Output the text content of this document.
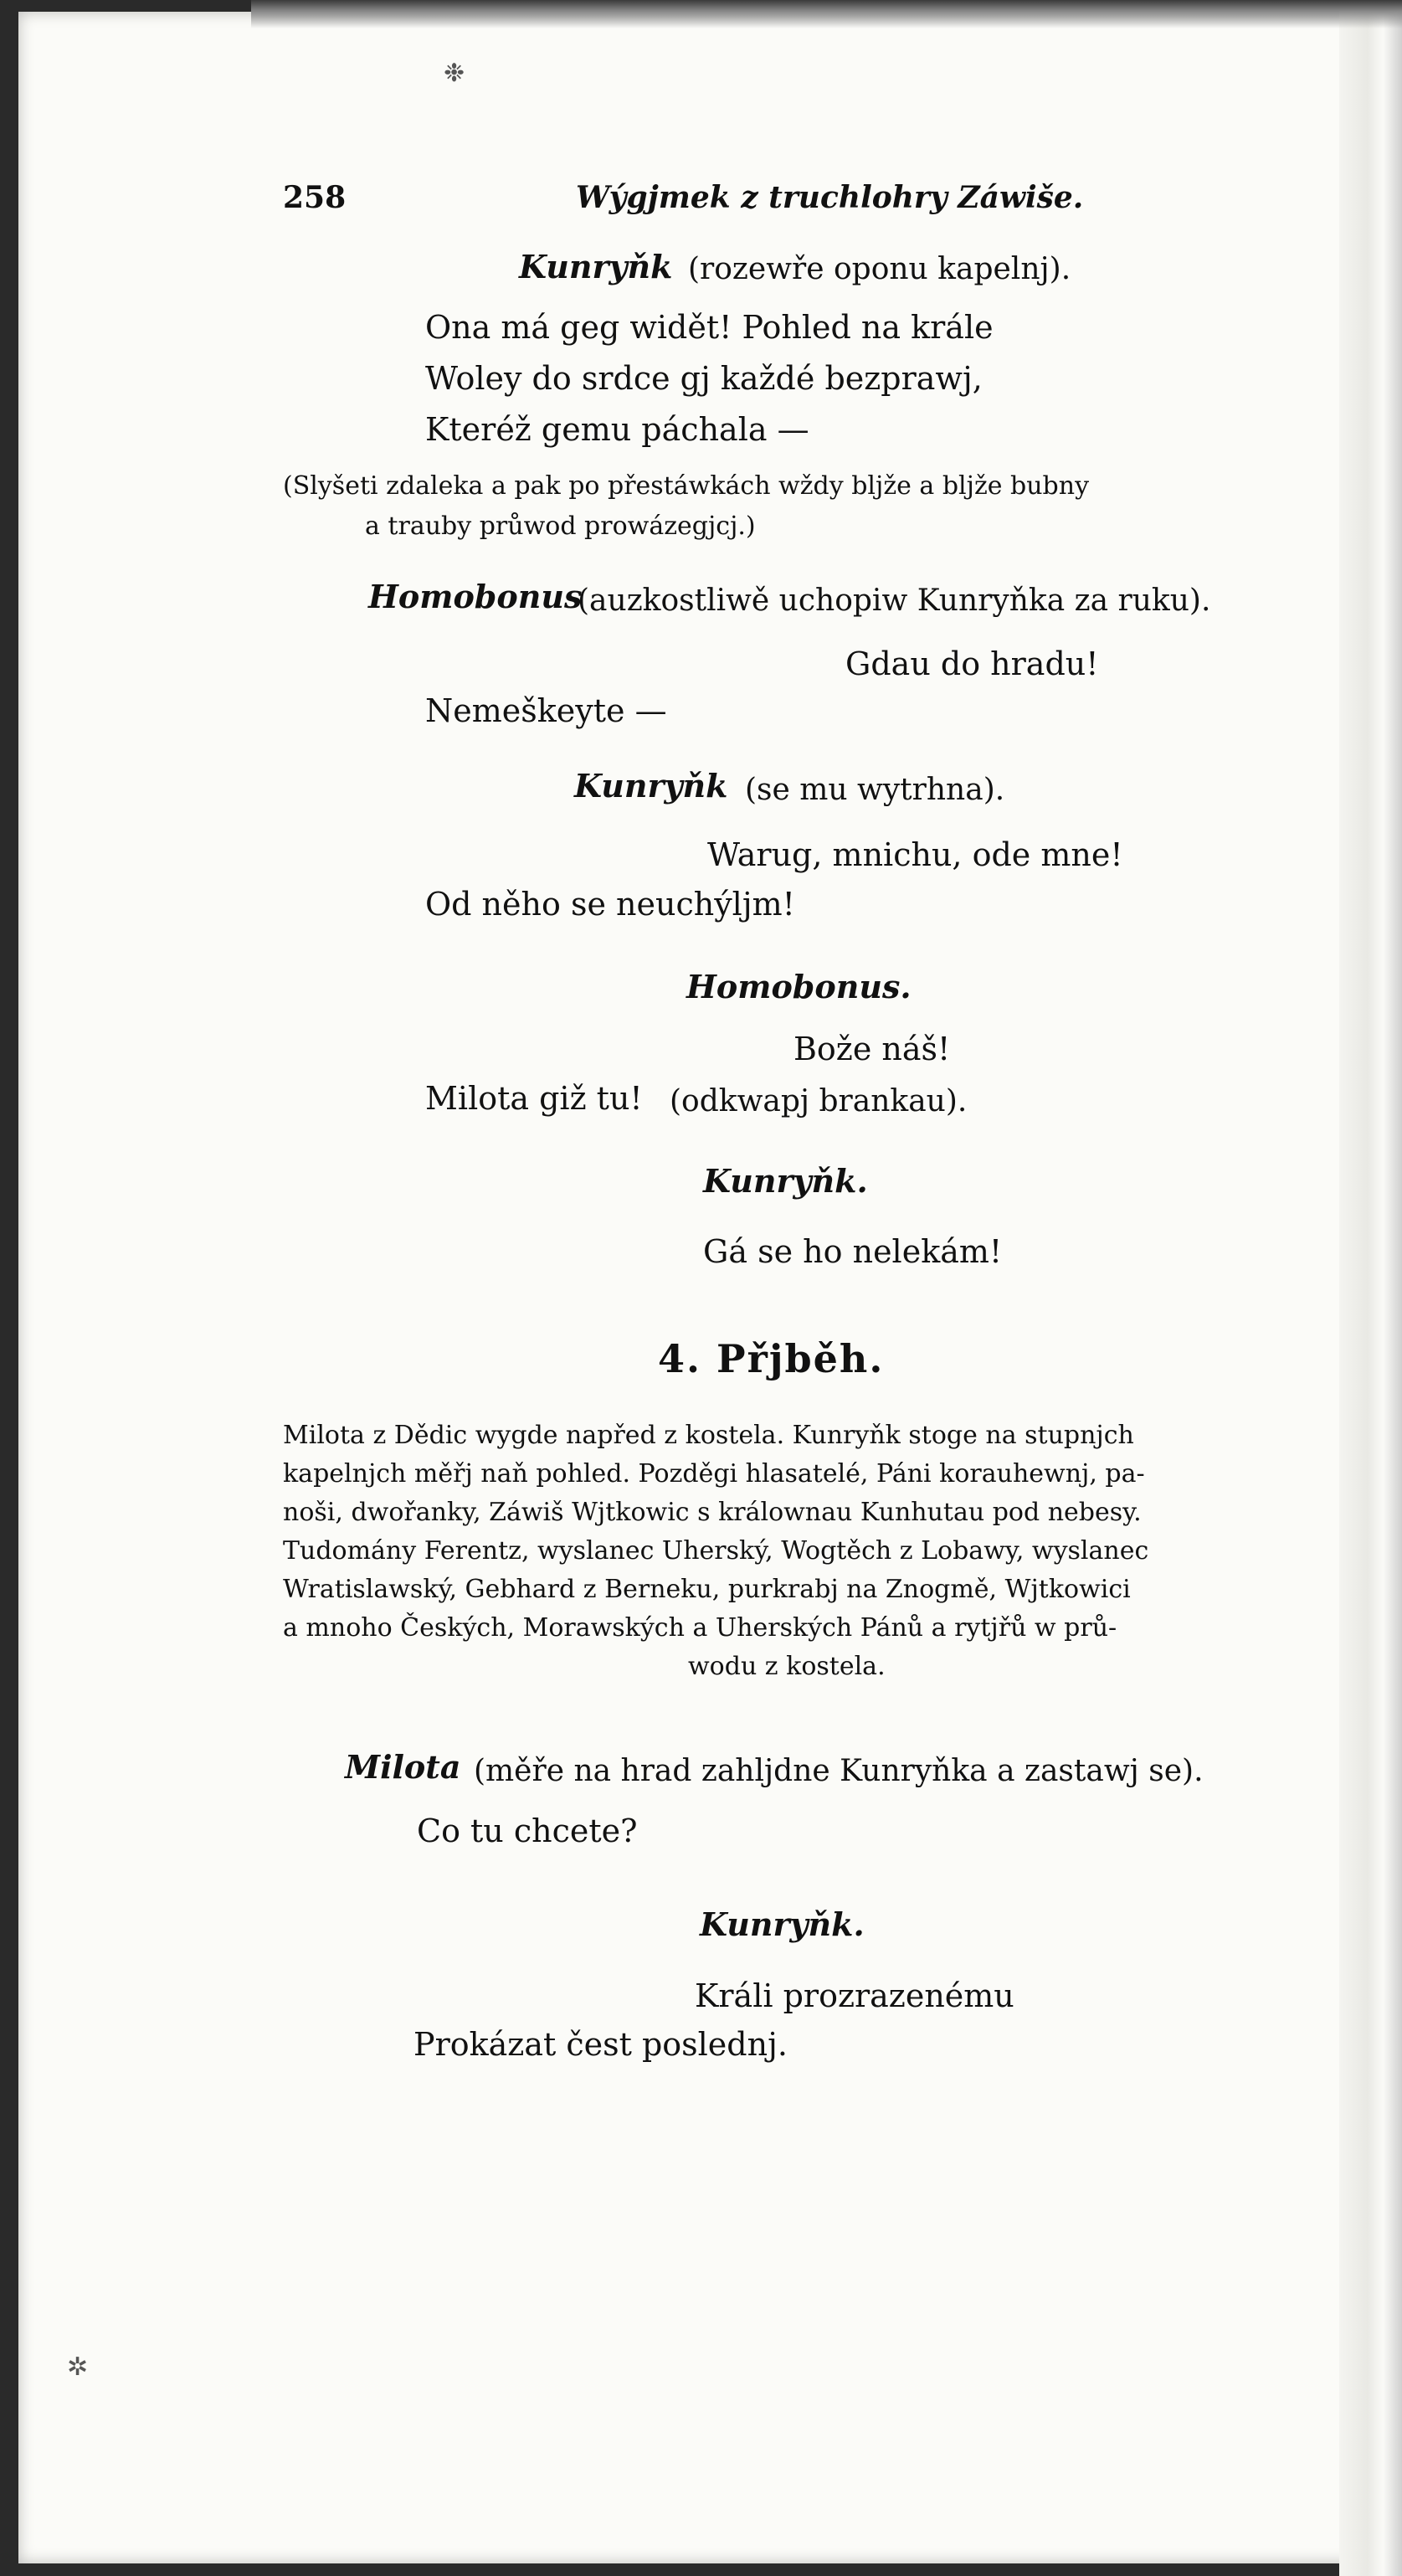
❉
✲
258	Wýgjmek z truchlohry Záwiše.
Kunryňk (rozewře oponu kapelnj).
Ona má geg widět! Pohled na krále
Woley do srdce gj každé bezprawj,
Kteréž gemu páchala —
(Slyšeti zdaleka a pak po přestáwkách wždy bljže a bljže bubny
a trauby průwod prowázegjcj.)
Homobonus
(auzkostliwě uchopiw Kunryňka za ruku).
Gdau do hradu!
Nemeškeyte —
Kunryňk (se mu wytrhna).
Warug, mnichu, ode mne!
Od něho se neuchýljm!
Homobonus.
Bože náš!
Milota giž tu! (odkwapj brankau).
Kunryňk.
Gá se ho nelekám!
4. Přjběh.
Milota z Dědic wygde napřed z kostela. Kunryňk stoge na stupnjch
kapelnjch měřj naň pohled. Pozděgi hlasatelé, Páni korauhewnj, pa-
noši, dwořanky, Záwiš Wjtkowic s králownau Kunhutau pod nebesy.
Tudomány Ferentz, wyslanec Uherský, Wogtěch z Lobawy, wyslanec
Wratislawský, Gebhard z Berneku, purkrabj na Znogmě, Wjtkowici
a mnoho Českých, Morawských a Uherských Pánů a rytjřů w prů-
wodu z kostela.
Milota (měře na hrad zahljdne Kunryňka a zastawj se).
Co tu chcete?
Kunryňk.
Králi prozrazenému
Prokázat čest poslednj.
